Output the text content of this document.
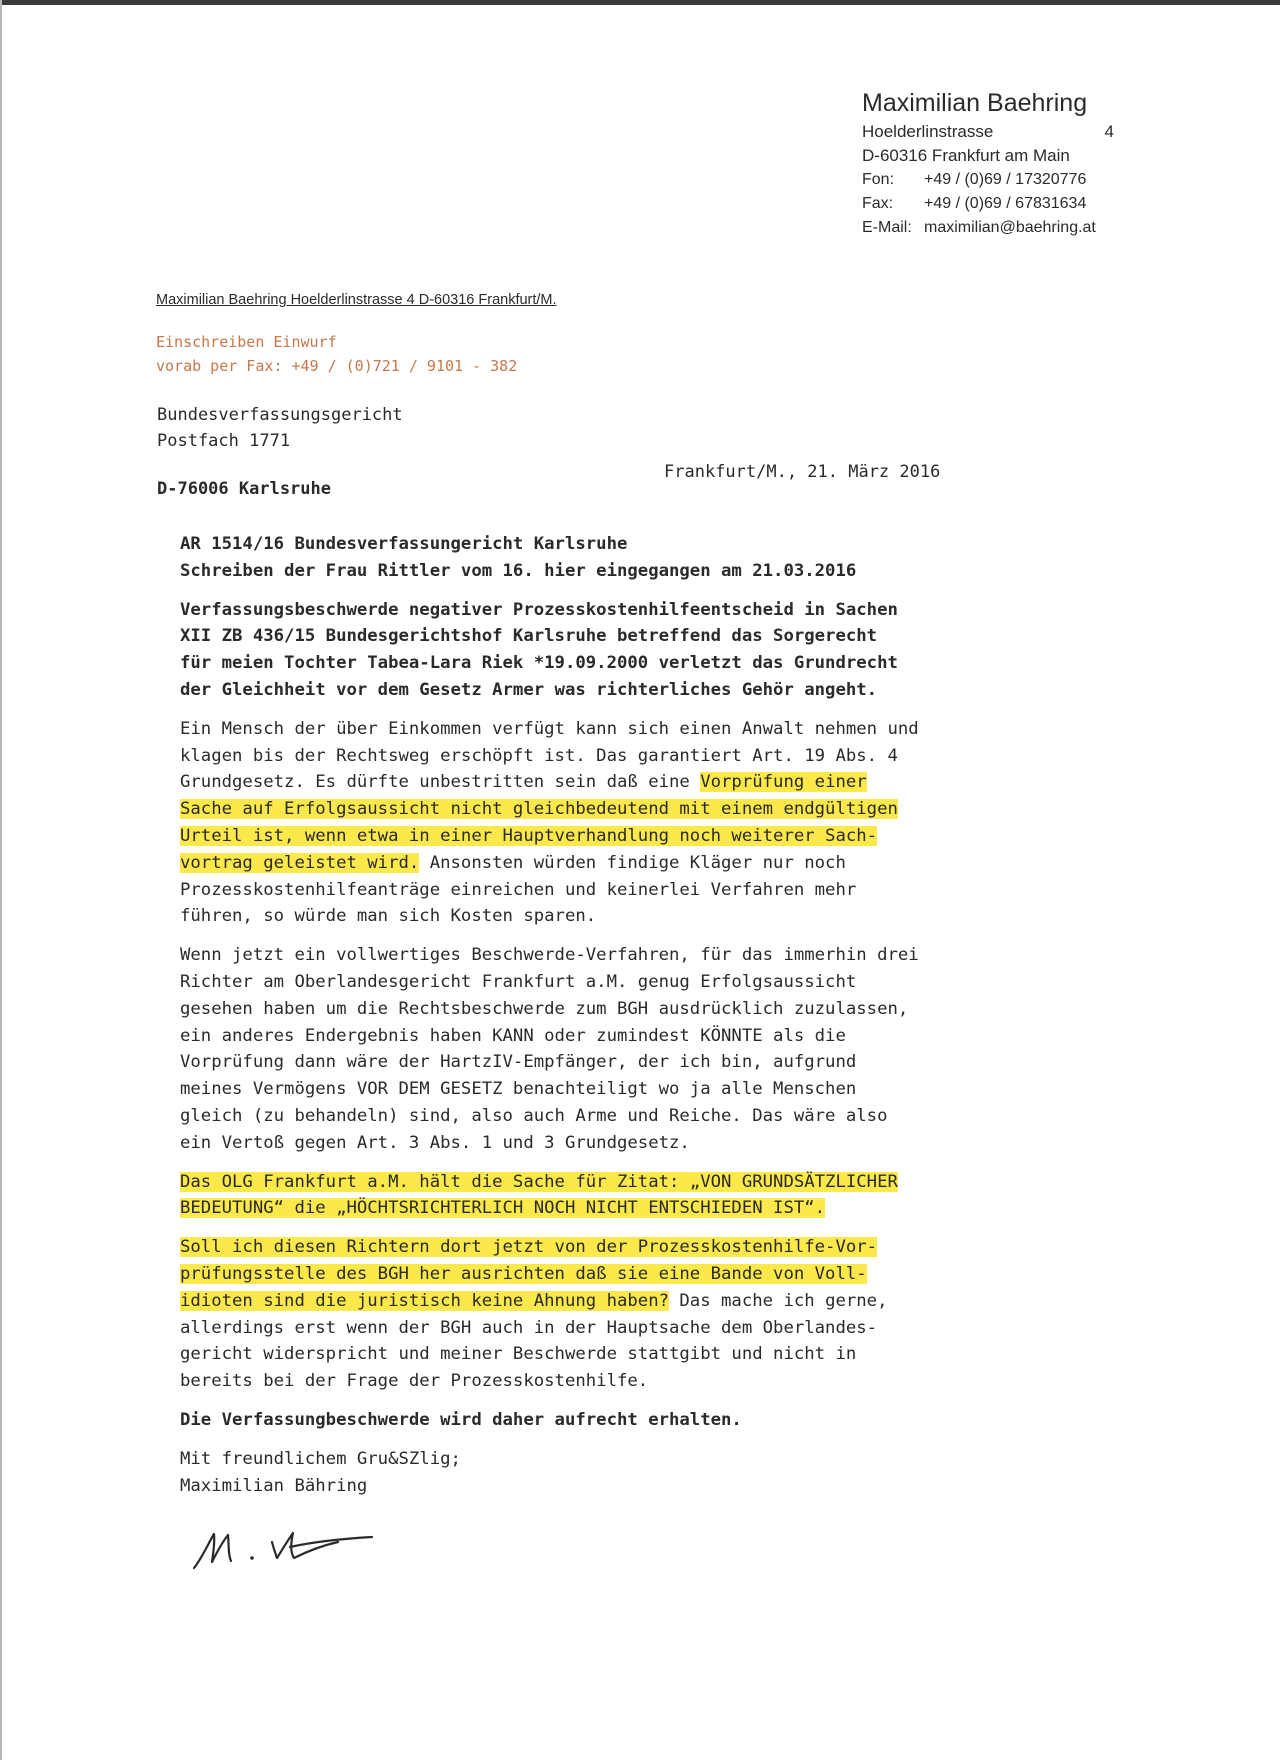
Maximilian Baehring
Hoelderlinstrasse	4
D-60316 Frankfurt am Main
Fon:	+49 / (0)69 / 17320776
Fax:	+49 / (0)69 / 67831634
E-Mail: maximilian@baehring.at
Maximilian Baehring Hoelderlinstrasse 4 D-60316 Frankfurt/M.
Einschreiben Einwurf
vorab per Fax: +49 / (0)721 / 9101 - 382
Bundesverfassungsgericht
Postfach 1771
D-76006 Karlsruhe
Frankfurt/M., 21. März 2016
AR 1514/16 Bundesverfassungericht Karlsruhe
Schreiben der Frau Rittler vom 16. hier eingegangen am 21.03.2016
Verfassungsbeschwerde negativer Prozesskostenhilfeentscheid in Sachen
XII ZB 436/15 Bundesgerichtshof Karlsruhe betreffend das Sorgerecht
für meien Tochter Tabea-Lara Riek *19.09.2000 verletzt das Grundrecht
der Gleichheit vor dem Gesetz Armer was richterliches Gehör angeht.
Ein Mensch der über Einkommen verfügt kann sich einen Anwalt nehmen und
klagen bis der Rechtsweg erschöpft ist. Das garantiert Art. 19 Abs. 4
Grundgesetz. Es dürfte unbestritten sein daß eine Vorprüfung einer
Sache auf Erfolgsaussicht nicht gleichbedeutend mit einem endgültigen
Urteil ist, wenn etwa in einer Hauptverhandlung noch weiterer Sach-
vortrag geleistet wird. Ansonsten würden findige Kläger nur noch
Prozesskostenhilfeanträge einreichen und keinerlei Verfahren mehr
führen, so würde man sich Kosten sparen.
Wenn jetzt ein vollwertiges Beschwerde-Verfahren, für das immerhin drei
Richter am Oberlandesgericht Frankfurt a.M. genug Erfolgsaussicht
gesehen haben um die Rechtsbeschwerde zum BGH ausdrücklich zuzulassen,
ein anderes Endergebnis haben KANN oder zumindest KÖNNTE als die
Vorprüfung dann wäre der HartzIV-Empfänger, der ich bin, aufgrund
meines Vermögens VOR DEM GESETZ benachteiligt wo ja alle Menschen
gleich (zu behandeln) sind, also auch Arme und Reiche. Das wäre also
ein Vertoß gegen Art. 3 Abs. 1 und 3 Grundgesetz.
Das OLG Frankfurt a.M. hält die Sache für Zitat: „VON GRUNDSÄTZLICHER
BEDEUTUNG“ die „HÖCHTSRICHTERLICH NOCH NICHT ENTSCHIEDEN IST“.
Soll ich diesen Richtern dort jetzt von der Prozesskostenhilfe-Vor-
prüfungsstelle des BGH her ausrichten daß sie eine Bande von Voll-
idioten sind die juristisch keine Ahnung haben? Das mache ich gerne,
allerdings erst wenn der BGH auch in der Hauptsache dem Oberlandes-
gericht widerspricht und meiner Beschwerde stattgibt und nicht in
bereits bei der Frage der Prozesskostenhilfe.
Die Verfassungbeschwerde wird daher aufrecht erhalten.
Mit freundlichem Gru&SZlig;
Maximilian Bähring
